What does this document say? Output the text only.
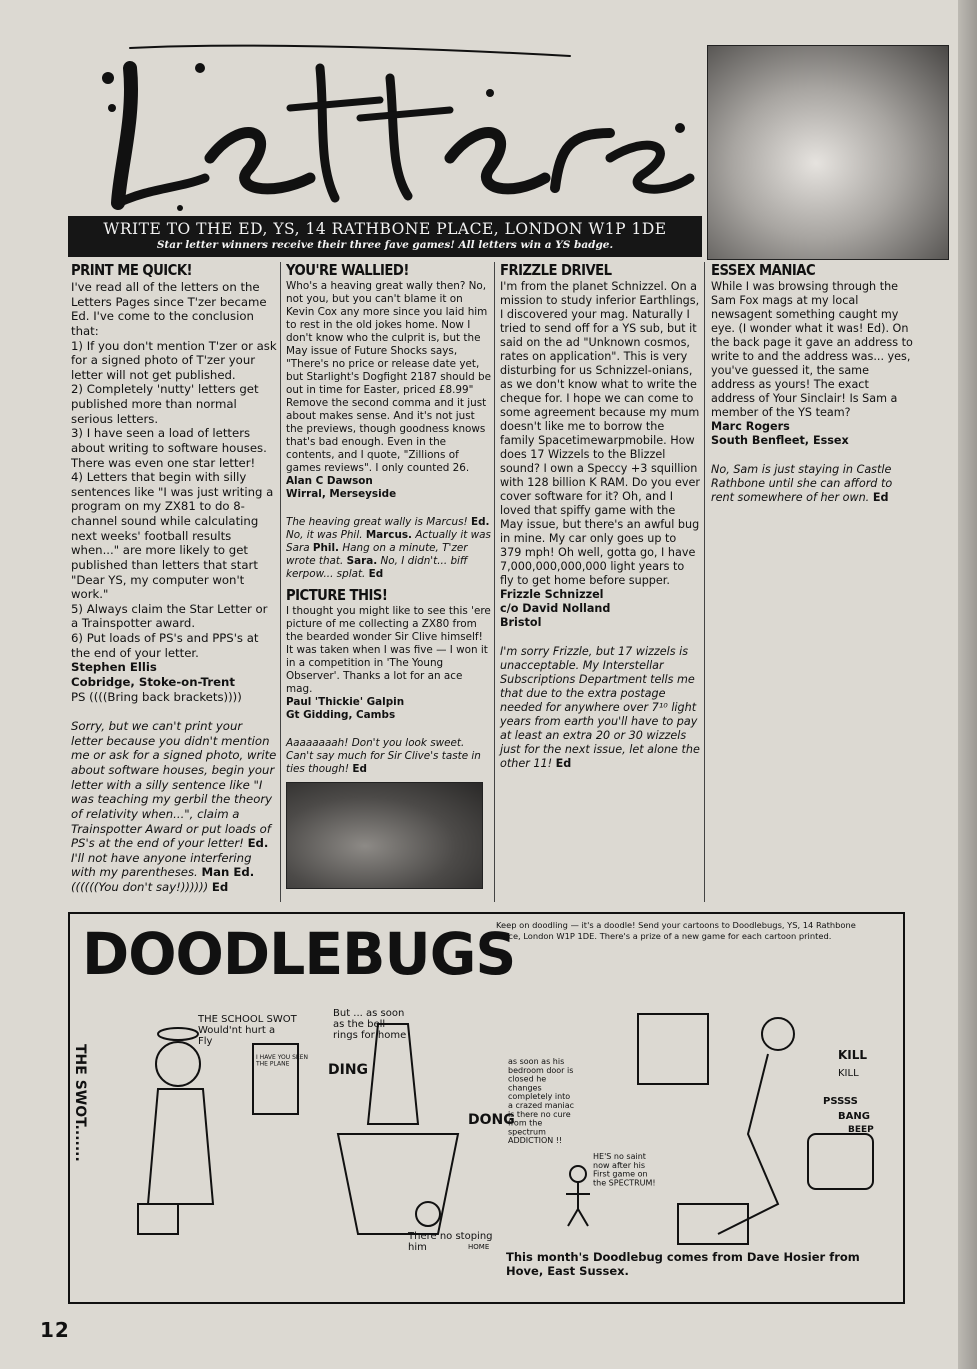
WRITE TO THE ED, YS, 14 RATHBONE PLACE, LONDON W1P 1DE
Star letter winners receive their three fave games! All letters win a YS badge.
PRINT ME QUICK!

I've read all of the letters on the Letters Pages since T'zer became Ed. I've come to the conclusion that:

1) If you don't mention T'zer or ask for a signed photo of T'zer your letter will not get published.

2) Completely 'nutty' letters get published more than normal serious letters.

3) I have seen a load of letters about writing to software houses. There was even one star letter!

4) Letters that begin with silly sentences like "I was just writing a program on my ZX81 to do 8-channel sound while calculating next weeks' football results when..." are more likely to get published than letters that start "Dear YS, my computer won't work."

5) Always claim the Star Letter or a Trainspotter award.

6) Put loads of PS's and PPS's at the end of your letter.

Stephen Ellis

Cobridge, Stoke-on-Trent

PS ((((Bring back brackets))))

Sorry, but we can't print your letter because you didn't mention me or ask for a signed photo, write about software houses, begin your letter with a silly sentence like "I was teaching my gerbil the theory of relativity when...", claim a Trainspotter Award or put loads of PS's at the end of your letter! Ed. I'll not have anyone interfering with my parentheses. Man Ed. ((((((You don't say!)))))) Ed

YOU'RE WALLIED!

Who's a heaving great wally then? No, not you, but you can't blame it on Kevin Cox any more since you laid him to rest in the old jokes home. Now I don't know who the culprit is, but the May issue of Future Shocks says, "There's no price or release date yet, but Starlight's Dogfight 2187 should be out in time for Easter, priced £8.99" Remove the second comma and it just about makes sense. And it's not just the previews, though goodness knows that's bad enough. Even in the contents, and I quote, "Zillions of games reviews". I only counted 26.

Alan C Dawson

Wirral, Merseyside

The heaving great wally is Marcus! Ed. No, it was Phil. Marcus. Actually it was Sara Phil. Hang on a minute, T'zer wrote that. Sara. No, I didn't... biff kerpow... splat. Ed

PICTURE THIS!

I thought you might like to see this 'ere picture of me collecting a ZX80 from the bearded wonder Sir Clive himself! It was taken when I was five — I won it in a competition in 'The Young Observer'. Thanks a lot for an ace mag.

Paul 'Thickie' Galpin

Gt Gidding, Cambs

Aaaaaaaah! Don't you look sweet. Can't say much for Sir Clive's taste in ties though! Ed

FRIZZLE DRIVEL

I'm from the planet Schnizzel. On a mission to study inferior Earthlings, I discovered your mag. Naturally I tried to send off for a YS sub, but it said on the ad "Unknown cosmos, rates on application". This is very disturbing for us Schnizzel-onians, as we don't know what to write the cheque for. I hope we can come to some agreement because my mum doesn't like me to borrow the family Spacetimewarpmobile. How does 17 Wizzels to the Blizzel sound? I own a Speccy +3 squillion with 128 billion K RAM. Do you ever cover software for it? Oh, and I loved that spiffy game with the May issue, but there's an awful bug in mine. My car only goes up to 379 mph! Oh well, gotta go, I have 7,000,000,000,000 light years to fly to get home before supper.

Frizzle Schnizzel

c/o David Nolland

Bristol

I'm sorry Frizzle, but 17 wizzels is unacceptable. My Interstellar Subscriptions Department tells me that due to the extra postage needed for anywhere over 7¹⁰ light years from earth you'll have to pay at least an extra 20 or 30 wizzels just for the next issue, let alone the other 11! Ed

ESSEX MANIAC

While I was browsing through the Sam Fox mags at my local newsagent something caught my eye. (I wonder what it was! Ed). On the back page it gave an address to write to and the address was... yes, you've guessed it, the same address as yours! The exact address of Your Sinclair! Is Sam a member of the YS team?

Marc Rogers

South Benfleet, Essex

No, Sam is just staying in Castle Rathbone until she can afford to rent somewhere of her own. Ed

DOODLEBUGS
Keep on doodling — it's a doodle! Send your cartoons to Doodlebugs, YS, 14 Rathbone Place, London W1P 1DE. There's a prize of a new game for each cartoon printed.
THE SWOT.......
THE SCHOOL SWOT Would'nt hurt a Fly
I HAVE YOU SEEN THE PLANE
But ... as soon as the bell rings for home
DING
DONG
There no stoping him	HOME
as soon as his bedroom door is closed he changes completely into a crazed maniac is there no cure from the spectrum ADDICTION !!
HE'S no saint now after his First game on the SPECTRUM!
KILL
KILL
PSSSS
BANG
BEEP
This month's Doodlebug comes from Dave Hosier from Hove, East Sussex.
12
